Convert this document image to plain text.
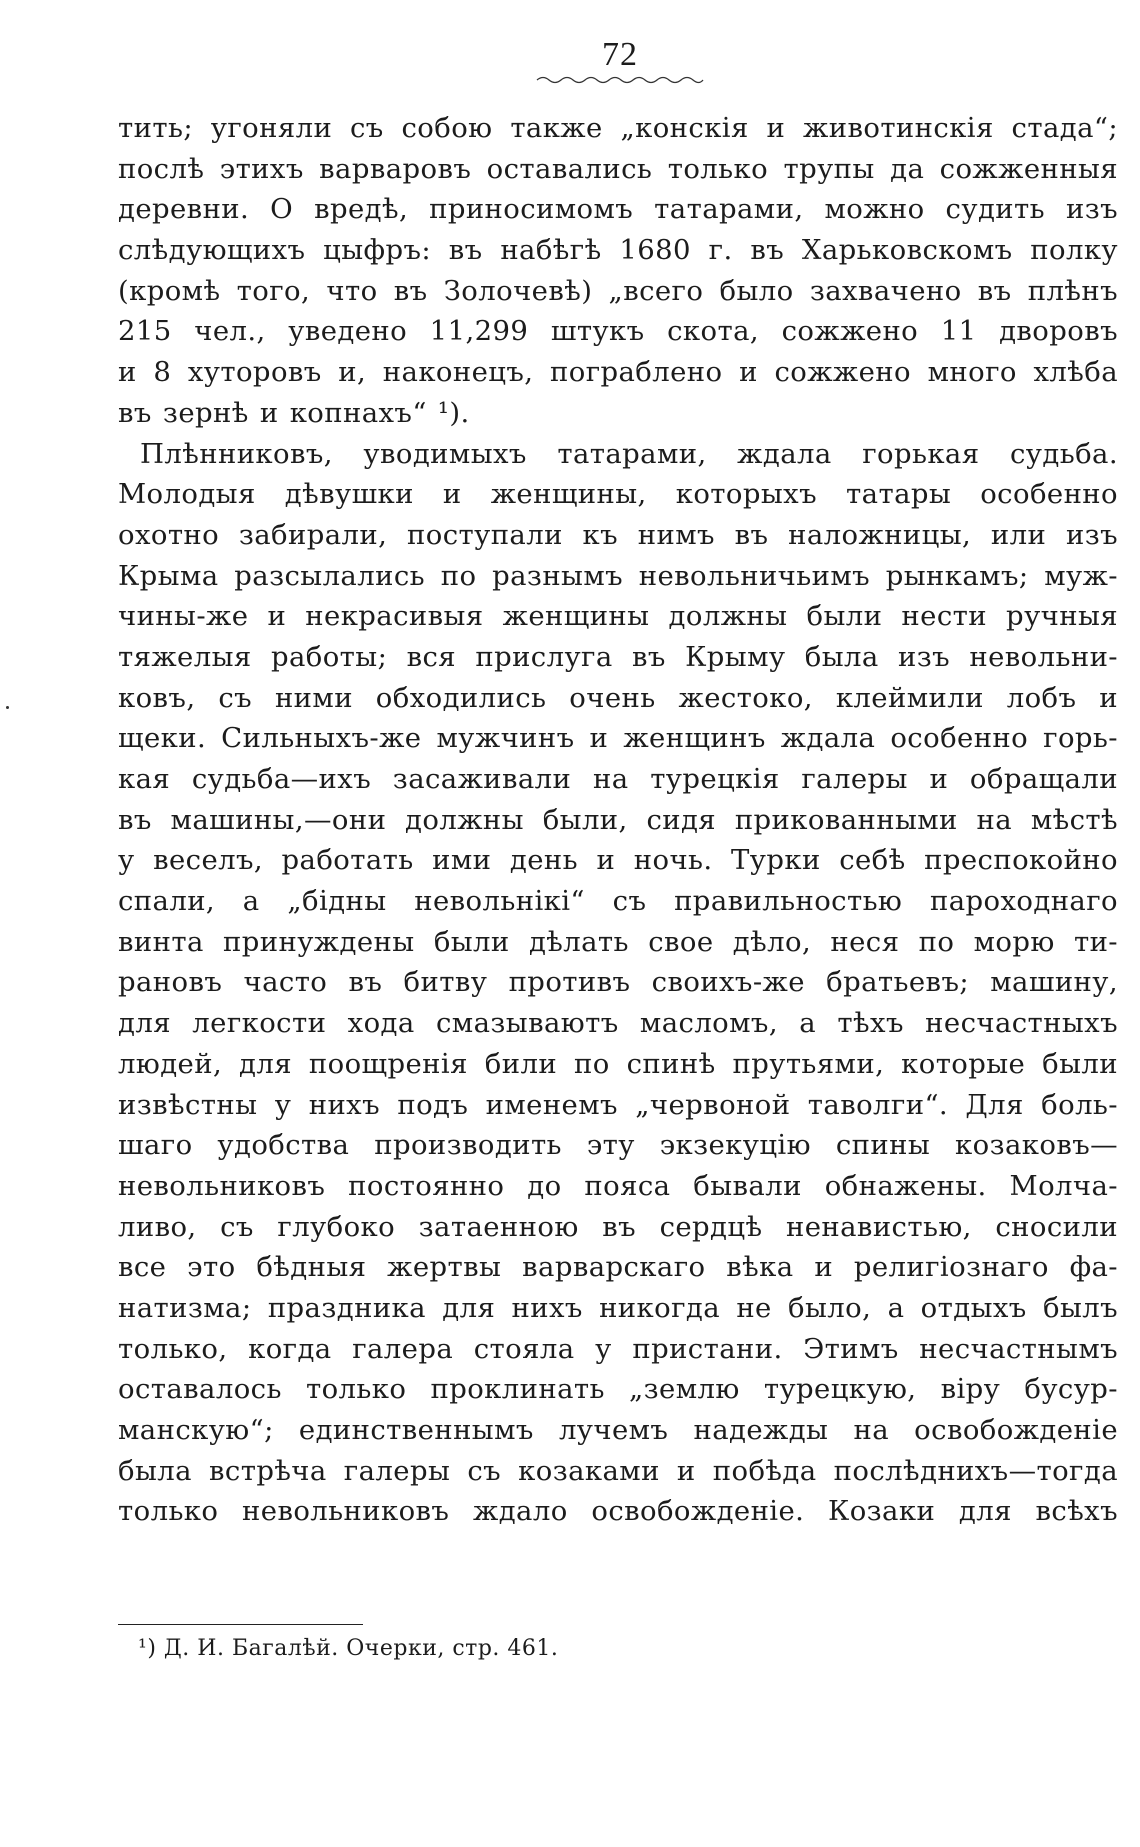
72
тить; угоняли съ собою также „конскія и животинскія стада“;
послѣ этихъ варваровъ оставались только трупы да сожженныя
деревни. О вредѣ, приносимомъ татарами, можно судить изъ
слѣдующихъ цыфръ: въ набѣгѣ 1680 г. въ Харьковскомъ полку
(кромѣ того, что въ Золочевѣ) „всего было захвачено въ плѣнъ
215 чел., уведено 11,299 штукъ скота, сожжено 11 дворовъ
и 8 хуторовъ и, наконецъ, пограблено и сожжено много хлѣба
въ зернѣ и копнахъ“ ¹).
Плѣнниковъ, уводимыхъ татарами, ждала горькая судьба.
Молодыя дѣвушки и женщины, которыхъ татары особенно
охотно забирали, поступали къ нимъ въ наложницы, или изъ
Крыма разсылались по разнымъ невольничьимъ рынкамъ; муж-
чины-же и некрасивыя женщины должны были нести ручныя
тяжелыя работы; вся прислуга въ Крыму была изъ невольни-
ковъ, съ ними обходились очень жестоко, клеймили лобъ и
щеки. Сильныхъ-же мужчинъ и женщинъ ждала особенно горь-
кая судьба—ихъ засаживали на турецкія галеры и обращали
въ машины,—они должны были, сидя прикованными на мѣстѣ
у веселъ, работать ими день и ночь. Турки себѣ преспокойно
спали, а „бідны невольнікі“ съ правильностью пароходнаго
винта принуждены были дѣлать свое дѣло, неся по морю ти-
рановъ часто въ битву противъ своихъ-же братьевъ; машину,
для легкости хода смазываютъ масломъ, а тѣхъ несчастныхъ
людей, для поощренія били по спинѣ прутьями, которые были
извѣстны у нихъ подъ именемъ „червоной таволги“. Для боль-
шаго удобства производить эту экзекуцію спины козаковъ—
невольниковъ постоянно до пояса бывали обнажены. Молча-
ливо, съ глубоко затаенною въ сердцѣ ненавистью, сносили
все это бѣдныя жертвы варварскаго вѣка и религіознаго фа-
натизма; праздника для нихъ никогда не было, а отдыхъ былъ
только, когда галера стояла у пристани. Этимъ несчастнымъ
оставалось только проклинать „землю турецкую, віру бусур-
манскую“; единственнымъ лучемъ надежды на освобожденіе
была встрѣча галеры съ козаками и побѣда послѣднихъ—тогда
только невольниковъ ждало освобожденіе. Козаки для всѣхъ
¹) Д. И. Багалѣй. Очерки, стр. 461.
